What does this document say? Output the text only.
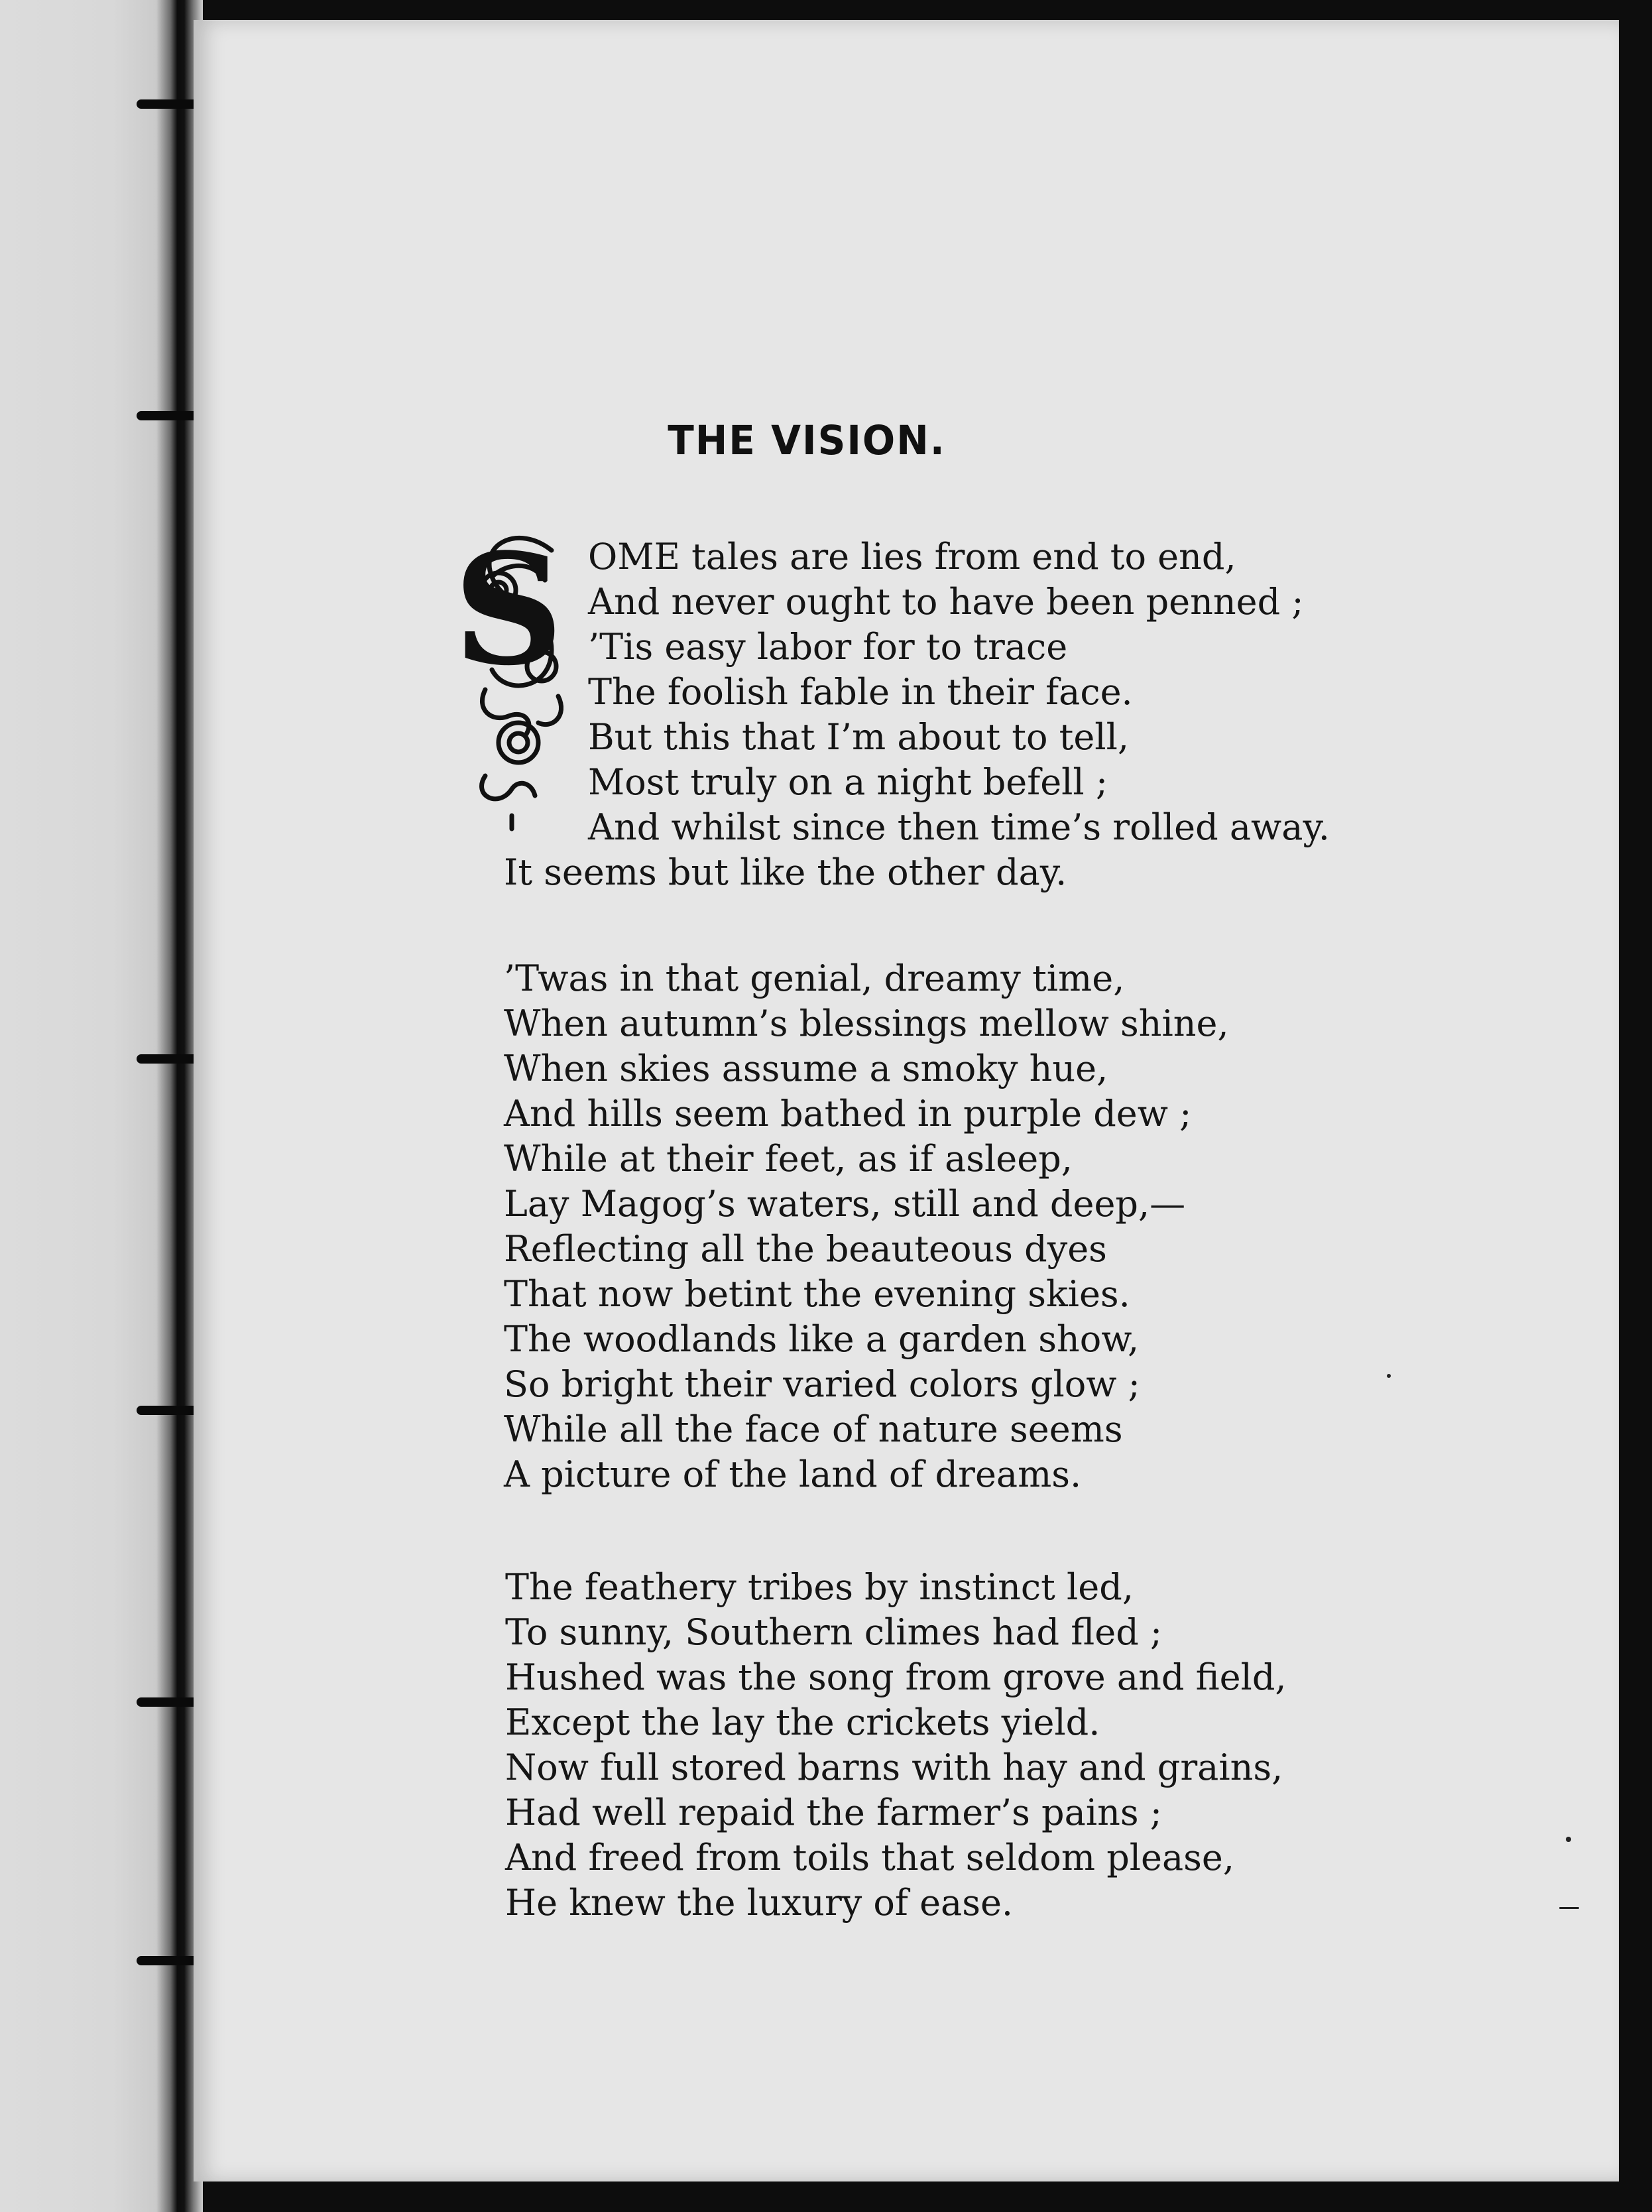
THE VISION.
S OME tales are lies from end to end,
And never ought to have been penned ;
’Tis easy labor for to trace
The foolish fable in their face.
But this that I’m about to tell,
Most truly on a night befell ;
And whilst since then time’s rolled away.
It seems but like the other day.
’Twas in that genial, dreamy time,
When autumn’s blessings mellow shine,
When skies assume a smoky hue,
And hills seem bathed in purple dew ;
While at their feet, as if asleep,
Lay Magog’s waters, still and deep,—
Reflecting all the beauteous dyes
That now betint the evening skies.
The woodlands like a garden show,
So bright their varied colors glow ;
While all the face of nature seems
A picture of the land of dreams.
The feathery tribes by instinct led,
To sunny, Southern climes had fled ;
Hushed was the song from grove and field,
Except the lay the crickets yield.
Now full stored barns with hay and grains,
Had well repaid the farmer’s pains ;
And freed from toils that seldom please,
He knew the luxury of ease.
